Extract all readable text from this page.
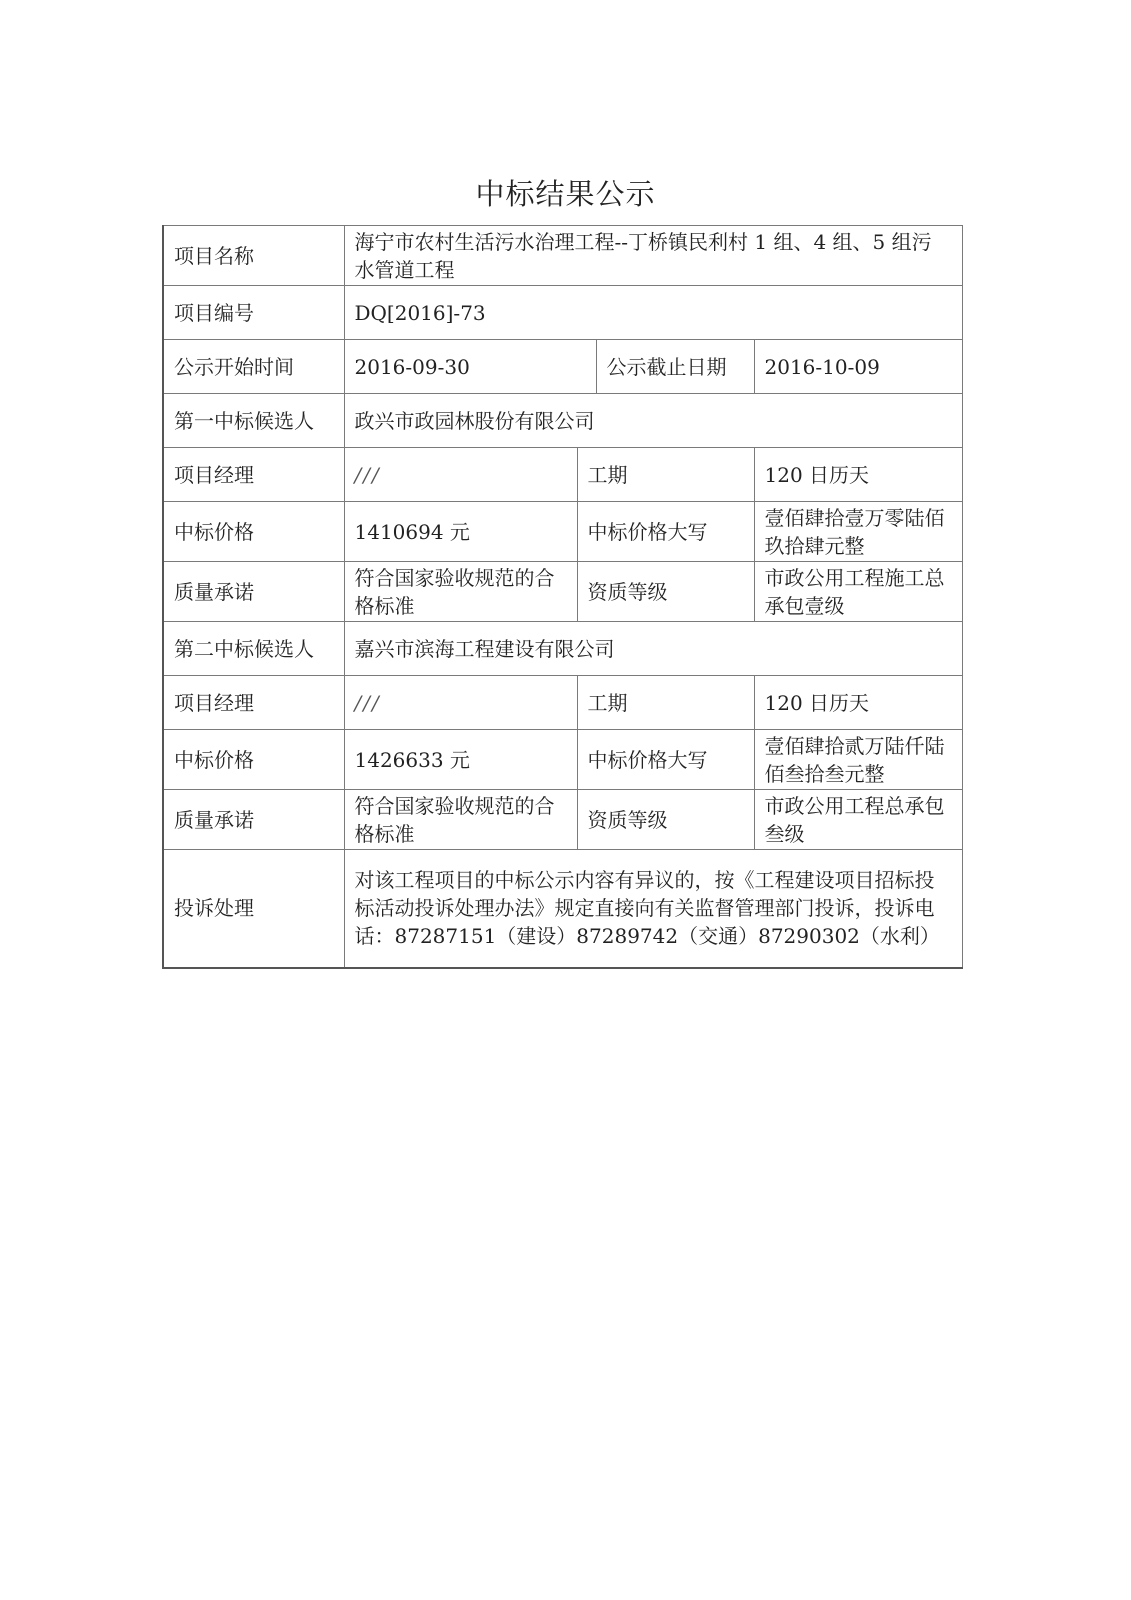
中标结果公示
项目名称	海宁市农村生活污水治理工程--丁桥镇民利村 1 组、4 组、5 组污水管道工程			
项目编号	DQ[2016]-73			
公示开始时间	2016-09-30		公示截止日期	2016-10-09
第一中标候选人	政兴市政园林股份有限公司			
项目经理	///	工期		120 日历天
中标价格	1410694 元	中标价格大写		壹佰肆拾壹万零陆佰玖拾肆元整
质量承诺	符合国家验收规范的合格标准	资质等级		市政公用工程施工总承包壹级
第二中标候选人	嘉兴市滨海工程建设有限公司			
项目经理	///	工期		120 日历天
中标价格	1426633 元	中标价格大写		壹佰肆拾贰万陆仟陆佰叁拾叁元整
质量承诺	符合国家验收规范的合格标准	资质等级		市政公用工程总承包叁级
投诉处理	对该工程项目的中标公示内容有异议的，按《工程建设项目招标投标活动投诉处理办法》规定直接向有关监督管理部门投诉，投诉电话：87287151（建设）87289742（交通）87290302（水利）			
